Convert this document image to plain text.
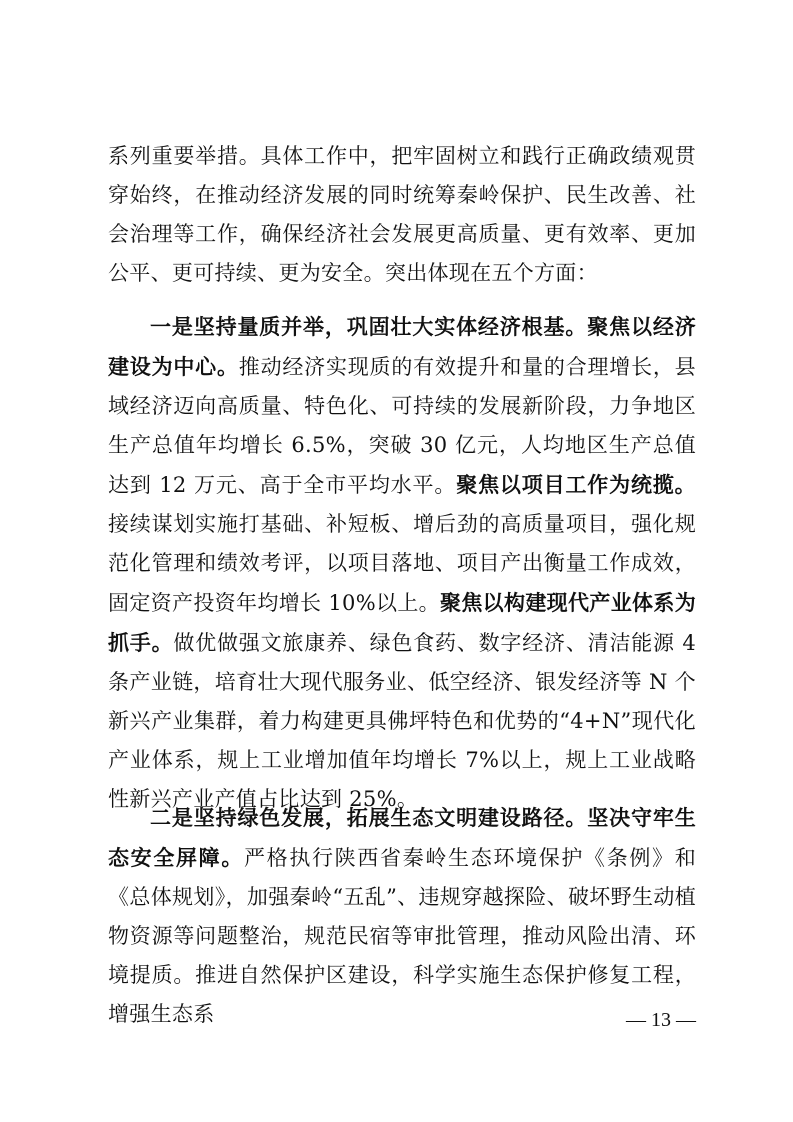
系列重要举措。具体工作中，把牢固树立和践行正确政绩观贯穿始终，在推动经济发展的同时统筹秦岭保护、民生改善、社会治理等工作，确保经济社会发展更高质量、更有效率、更加公平、更可持续、更为安全。突出体现在五个方面：

一是坚持量质并举，巩固壮大实体经济根基。聚焦以经济建设为中心。推动经济实现质的有效提升和量的合理增长，县域经济迈向高质量、特色化、可持续的发展新阶段，力争地区生产总值年均增长 6.5%，突破 30 亿元，人均地区生产总值达到 12 万元、高于全市平均水平。聚焦以项目工作为统揽。接续谋划实施打基础、补短板、增后劲的高质量项目，强化规范化管理和绩效考评，以项目落地、项目产出衡量工作成效，固定资产投资年均增长 10%以上。聚焦以构建现代产业体系为抓手。做优做强文旅康养、绿色食药、数字经济、清洁能源 4 条产业链，培育壮大现代服务业、低空经济、银发经济等 N 个新兴产业集群，着力构建更具佛坪特色和优势的“4+N”现代化产业体系，规上工业增加值年均增长 7%以上，规上工业战略性新兴产业产值占比达到 25%。

二是坚持绿色发展，拓展生态文明建设路径。坚决守牢生态安全屏障。严格执行陕西省秦岭生态环境保护《条例》和《总体规划》，加强秦岭“五乱”、违规穿越探险、破坏野生动植物资源等问题整治，规范民宿等审批管理，推动风险出清、环境提质。推进自然保护区建设，科学实施生态保护修复工程，增强生态系	— 13 —
